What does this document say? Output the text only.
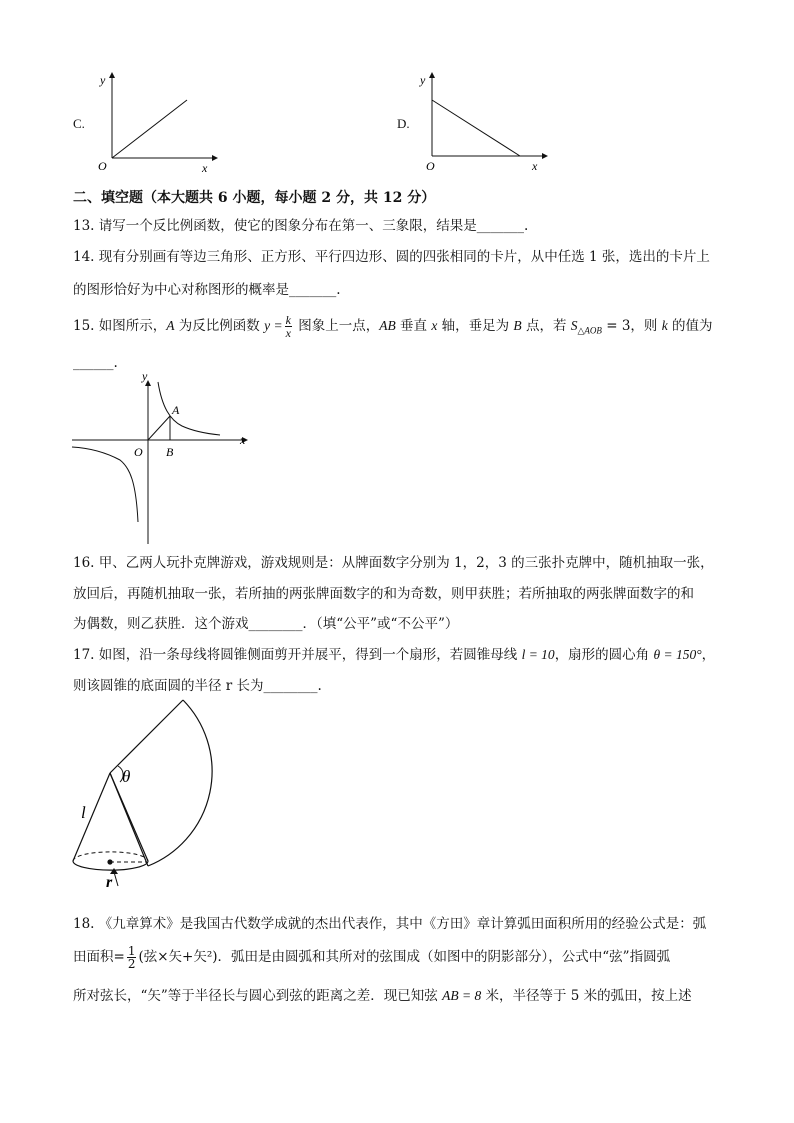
C.
y
O	x
D.
y
O	x
二、填空题（本大题共 6 小题，每小题 2 分，共 12 分）
13. 请写一个反比例函数，使它的图象分布在第一、三象限，结果是_______.
14. 现有分别画有等边三角形、正方形、平行四边形、圆的四张相同的卡片，从中任选 1 张，选出的卡片上
的图形恰好为中心对称图形的概率是_______.
15. 如图所示，A 为反比例函数 $y = \frac{k}{x}$ 图象上一点，AB 垂直 x 轴，垂足为 B 点，若 $S_{\triangle AOB} = 3$，则 k 的值为
______.
y
x
O
A
B
16. 甲、乙两人玩扑克牌游戏，游戏规则是：从牌面数字分别为 1，2，3 的三张扑克牌中，随机抽取一张，
放回后，再随机抽取一张，若所抽的两张牌面数字的和为奇数，则甲获胜；若所抽取的两张牌面数字的和
为偶数，则乙获胜．这个游戏________．（填“公平”或“不公平”）
17. 如图，沿一条母线将圆锥侧面剪开并展平，得到一个扇形，若圆锥母线 l = 10，扇形的圆心角 θ = 150°，
则该圆锥的底面圆的半径 r 长为________.
θ
l
r
18. 《九章算术》是我国古代数学成就的杰出代表作，其中《方田》章计算弧田面积所用的经验公式是：弧
田面积= $\frac{1}{2}$ (弦×矢+矢²)．弧田是由圆弧和其所对的弦围成（如图中的阴影部分），公式中“弦”指圆弧
所对弦长，“矢”等于半径长与圆心到弦的距离之差．现已知弦 AB = 8 米，半径等于 5 米的弧田，按上述
